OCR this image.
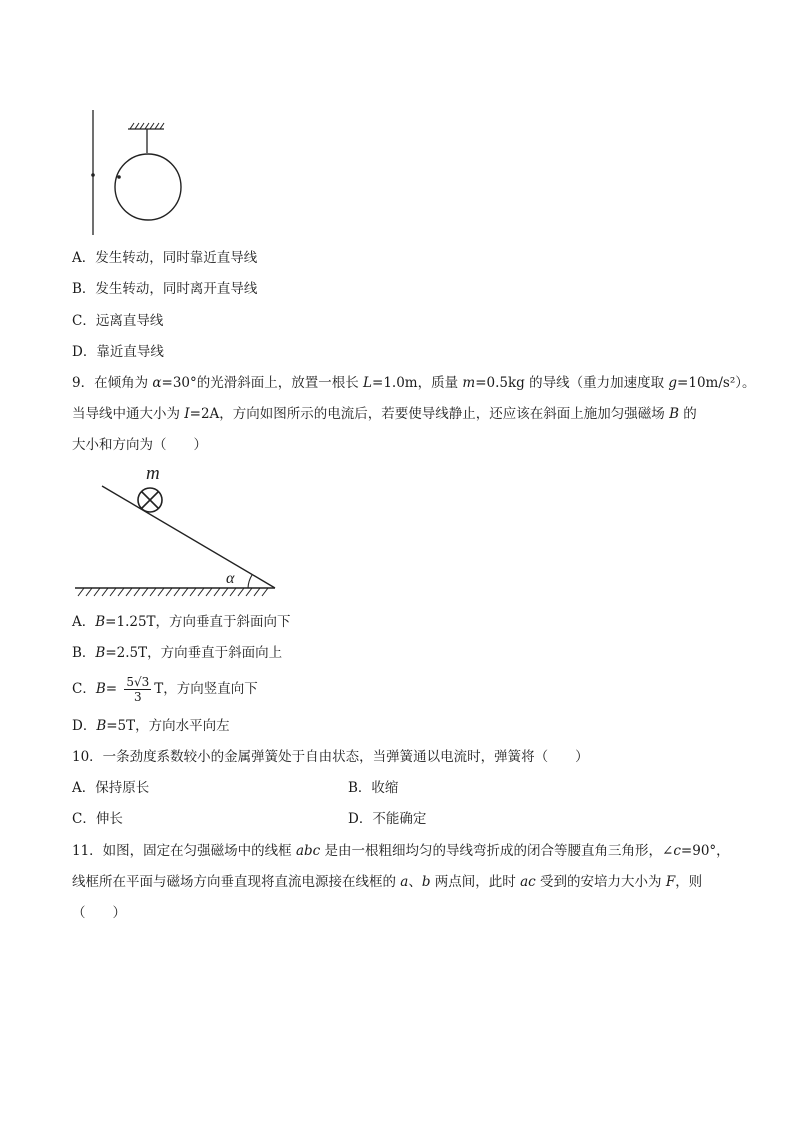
A．发生转动，同时靠近直导线
B．发生转动，同时离开直导线
C．远离直导线
D．靠近直导线
9．在倾角为 α=30°的光滑斜面上，放置一根长 L=1.0m，质量 m=0.5kg 的导线（重力加速度取 g=10m/s²）。
当导线中通大小为 I=2A，方向如图所示的电流后，若要使导线静止，还应该在斜面上施加匀强磁场 B 的
大小和方向为（　　）
m
α
A．B=1.25T，方向垂直于斜面向下
B．B=2.5T，方向垂直于斜面向上
C．$B= \frac{5√3}{3}$ T，方向竖直向下
D．B=5T，方向水平向左
10．一条劲度系数较小的金属弹簧处于自由状态，当弹簧通以电流时，弹簧将（　　）
A．保持原长	B．收缩
C．伸长	D．不能确定
11．如图，固定在匀强磁场中的线框 abc 是由一根粗细均匀的导线弯折成的闭合等腰直角三角形，∠c=90°，
线框所在平面与磁场方向垂直现将直流电源接在线框的 a、b 两点间，此时 ac 受到的安培力大小为 F，则
（　　）
